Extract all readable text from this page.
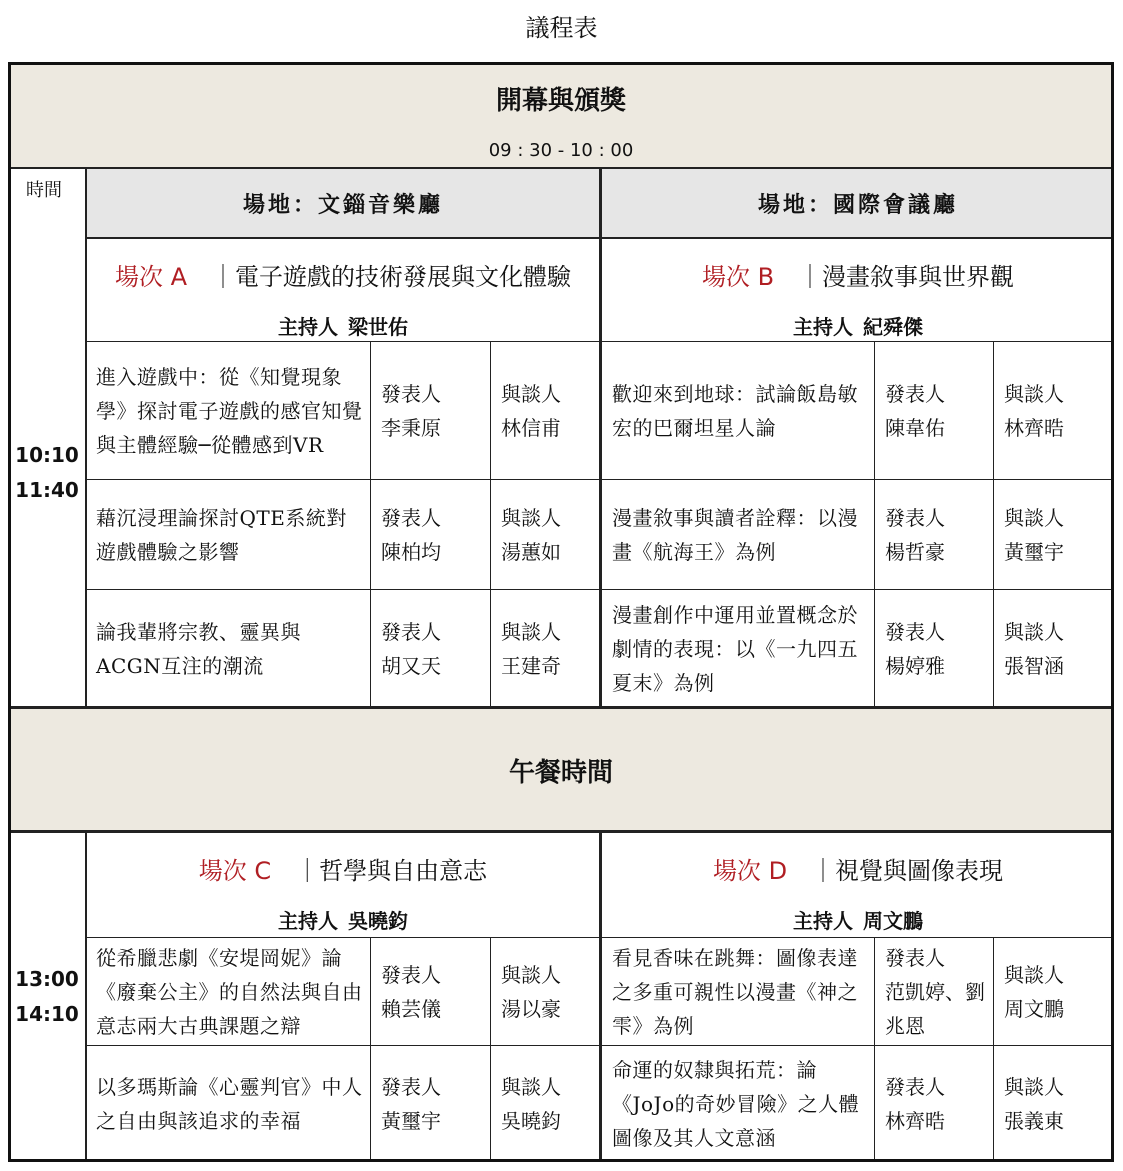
議程表
開幕與頒獎
09 : 30 - 10 : 00
時間
場地：文錙音樂廳	場地：國際會議廳
10:10
11:40
場次 A ｜電子遊戲的技術發展與文化體驗
主持人 梁世佑
場次 B ｜漫畫敘事與世界觀
主持人 紀舜傑
進入遊戲中：從《知覺現象學》探討電子遊戲的感官知覺與主體經驗─從體感到VR
發表人
李秉原
與談人
林信甫
藉沉浸理論探討QTE系統對遊戲體驗之影響
發表人
陳柏均
與談人
湯蕙如
論我輩將宗教、靈異與ACGN互注的潮流
發表人
胡又天
與談人
王建奇
歡迎來到地球：試論飯島敏宏的巴爾坦星人論
發表人
陳韋佑
與談人
林齊晧
漫畫敘事與讀者詮釋：以漫畫《航海王》為例
發表人
楊哲豪
與談人
黃璽宇
漫畫創作中運用並置概念於劇情的表現：以《一九四五夏末》為例
發表人
楊婷雅
與談人
張智涵
午餐時間
13:00
14:10
場次 C ｜哲學與自由意志
主持人 吳曉鈞
場次 D ｜視覺與圖像表現
主持人 周文鵬
從希臘悲劇《安堤岡妮》論《廢棄公主》的自然法與自由意志兩大古典課題之辯
發表人
賴芸儀
與談人
湯以豪
以多瑪斯論《心靈判官》中人之自由與該追求的幸福
發表人
黃璽宇
與談人
吳曉鈞
看見香味在跳舞：圖像表達之多重可親性以漫畫《神之雫》為例
發表人
范凱婷、劉兆恩
與談人
周文鵬
命運的奴隸與拓荒：論《JoJo的奇妙冒險》之人體圖像及其人文意涵
發表人
林齊晧
與談人
張義東
